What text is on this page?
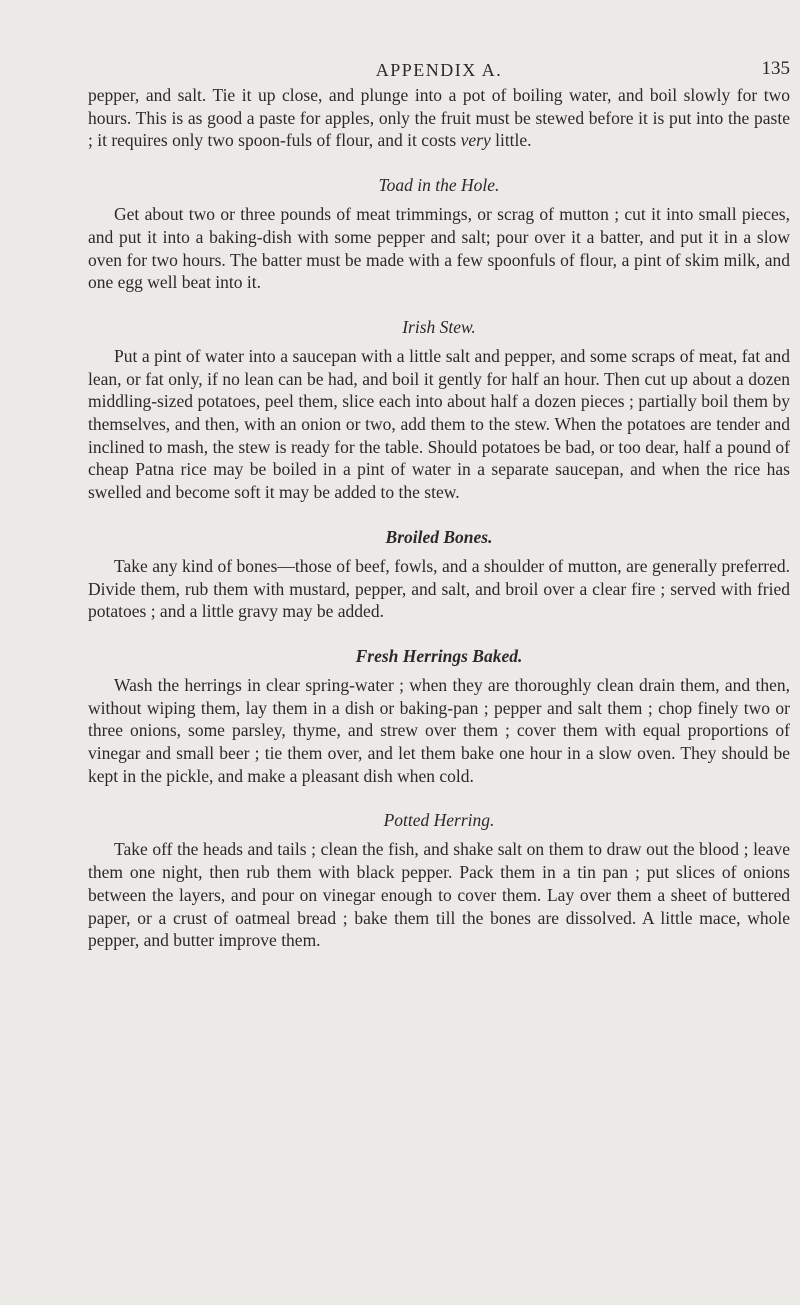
APPENDIX A.	135

pepper, and salt. Tie it up close, and plunge into a pot of boiling water, and boil slowly for two hours. This is as good a paste for apples, only the fruit must be stewed before it is put into the paste ; it requires only two spoon-fuls of flour, and it costs very little.

Toad in the Hole.

Get about two or three pounds of meat trimmings, or scrag of mutton ; cut it into small pieces, and put it into a baking-dish with some pepper and salt; pour over it a batter, and put it in a slow oven for two hours. The batter must be made with a few spoonfuls of flour, a pint of skim milk, and one egg well beat into it.

Irish Stew.

Put a pint of water into a saucepan with a little salt and pepper, and some scraps of meat, fat and lean, or fat only, if no lean can be had, and boil it gently for half an hour. Then cut up about a dozen middling-sized potatoes, peel them, slice each into about half a dozen pieces ; partially boil them by themselves, and then, with an onion or two, add them to the stew. When the potatoes are tender and inclined to mash, the stew is ready for the table. Should potatoes be bad, or too dear, half a pound of cheap Patna rice may be boiled in a pint of water in a separate saucepan, and when the rice has swelled and become soft it may be added to the stew.

Broiled Bones.

Take any kind of bones—those of beef, fowls, and a shoulder of mutton, are generally preferred. Divide them, rub them with mustard, pepper, and salt, and broil over a clear fire ; served with fried potatoes ; and a little gravy may be added.

Fresh Herrings Baked.

Wash the herrings in clear spring-water ; when they are thoroughly clean drain them, and then, without wiping them, lay them in a dish or baking-pan ; pepper and salt them ; chop finely two or three onions, some parsley, thyme, and strew over them ; cover them with equal proportions of vinegar and small beer ; tie them over, and let them bake one hour in a slow oven. They should be kept in the pickle, and make a pleasant dish when cold.

Potted Herring.

Take off the heads and tails ; clean the fish, and shake salt on them to draw out the blood ; leave them one night, then rub them with black pepper. Pack them in a tin pan ; put slices of onions between the layers, and pour on vinegar enough to cover them. Lay over them a sheet of buttered paper, or a crust of oatmeal bread ; bake them till the bones are dissolved. A little mace, whole pepper, and butter improve them.
